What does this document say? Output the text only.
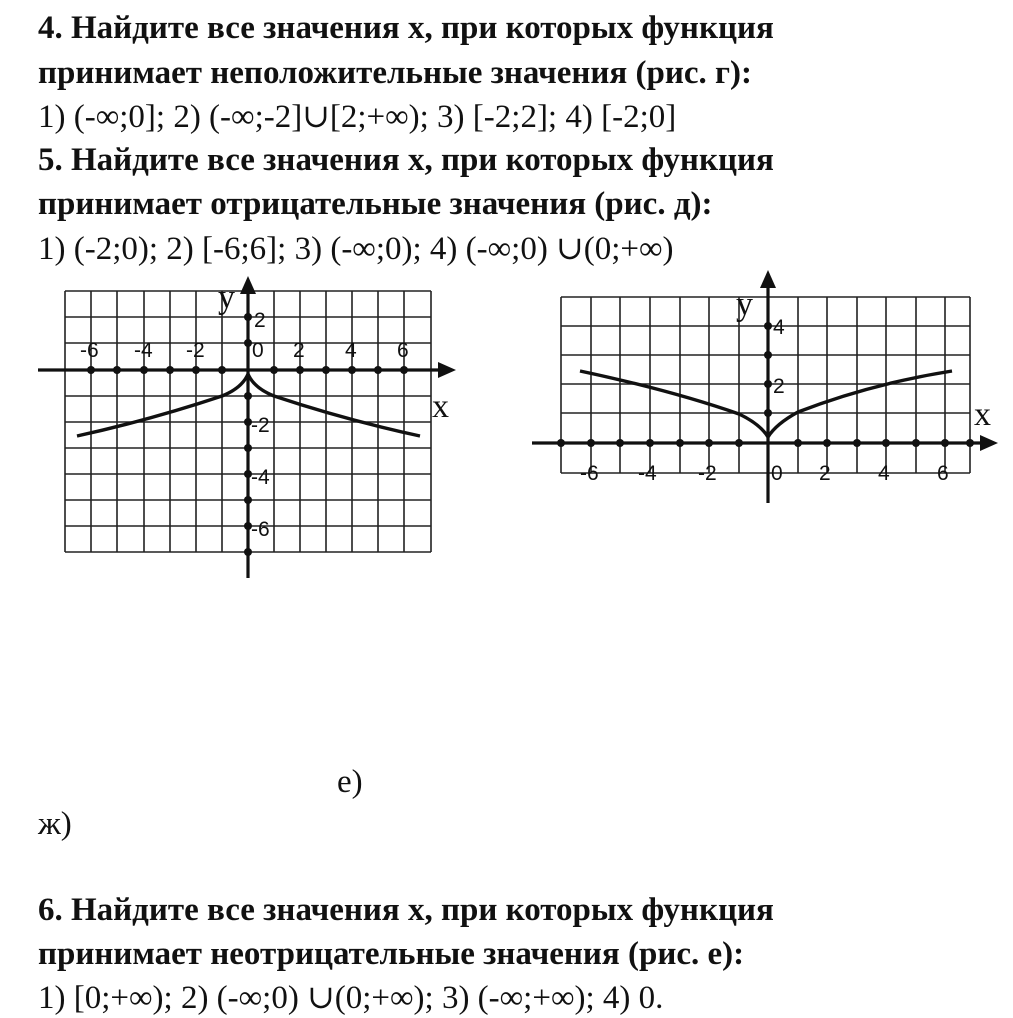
4. Найдите все значения х, при которых функция
принимает неположительные значения (рис. г):
1) (-∞;0]; 2) (-∞;-2]∪[2;+∞); 3) [-2;2]; 4) [-2;0]
5. Найдите все значения х, при которых функция
принимает отрицательные значения (рис. д):
1) (-2;0); 2) [-6;6]; 3) (-∞;0); 4) (-∞;0) ∪(0;+∞)
-6 -4 -2	2 4 6
2
0
-2
-4
-6
y
x
-6 -4 -2	0 2 4 6
4
2
y
x
е)
ж)
6. Найдите все значения х, при которых функция
принимает неотрицательные значения (рис. е):
1) [0;+∞); 2) (-∞;0) ∪(0;+∞); 3) (-∞;+∞); 4) 0.
